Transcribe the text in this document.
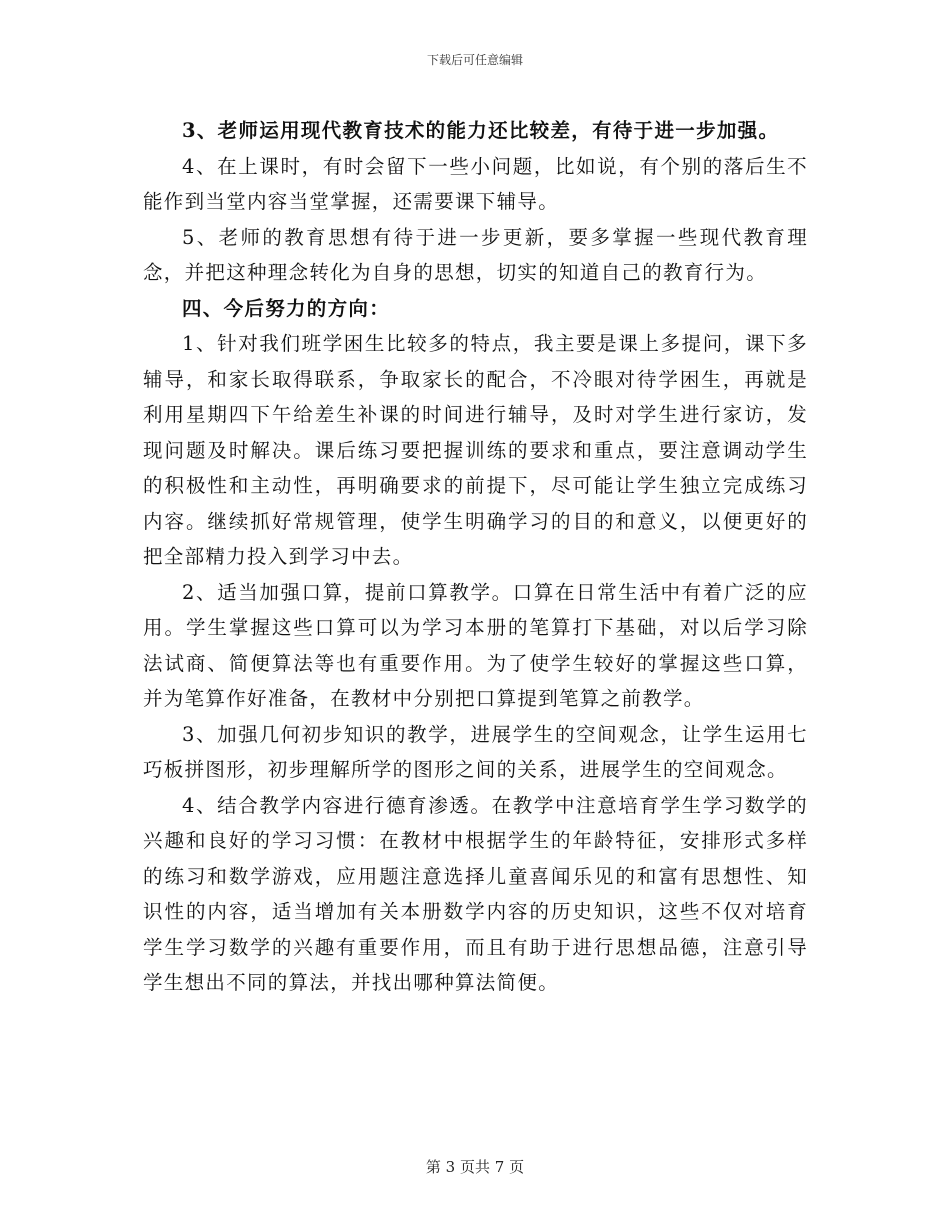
下载后可任意编辑

3、老师运用现代教育技术的能力还比较差，有待于进一步加强。

4、在上课时，有时会留下一些小问题，比如说，有个别的落后生不能作到当堂内容当堂掌握，还需要课下辅导。

5、老师的教育思想有待于进一步更新，要多掌握一些现代教育理念，并把这种理念转化为自身的思想，切实的知道自己的教育行为。

四、今后努力的方向：

1、针对我们班学困生比较多的特点，我主要是课上多提问，课下多辅导，和家长取得联系，争取家长的配合，不冷眼对待学困生，再就是利用星期四下午给差生补课的时间进行辅导，及时对学生进行家访，发现问题及时解决。课后练习要把握训练的要求和重点，要注意调动学生的积极性和主动性，再明确要求的前提下，尽可能让学生独立完成练习内容。继续抓好常规管理，使学生明确学习的目的和意义，以便更好的把全部精力投入到学习中去。

2、适当加强口算，提前口算教学。口算在日常生活中有着广泛的应用。学生掌握这些口算可以为学习本册的笔算打下基础，对以后学习除法试商、简便算法等也有重要作用。为了使学生较好的掌握这些口算，并为笔算作好准备，在教材中分别把口算提到笔算之前教学。

3、加强几何初步知识的教学，进展学生的空间观念，让学生运用七巧板拼图形，初步理解所学的图形之间的关系，进展学生的空间观念。

4、结合教学内容进行德育渗透。在教学中注意培育学生学习数学的兴趣和良好的学习习惯：在教材中根据学生的年龄特征，安排形式多样的练习和数学游戏，应用题注意选择儿童喜闻乐见的和富有思想性、知识性的内容，适当增加有关本册数学内容的历史知识，这些不仅对培育学生学习数学的兴趣有重要作用，而且有助于进行思想品德，注意引导学生想出不同的算法，并找出哪种算法简便。

第 3 页共 7 页
